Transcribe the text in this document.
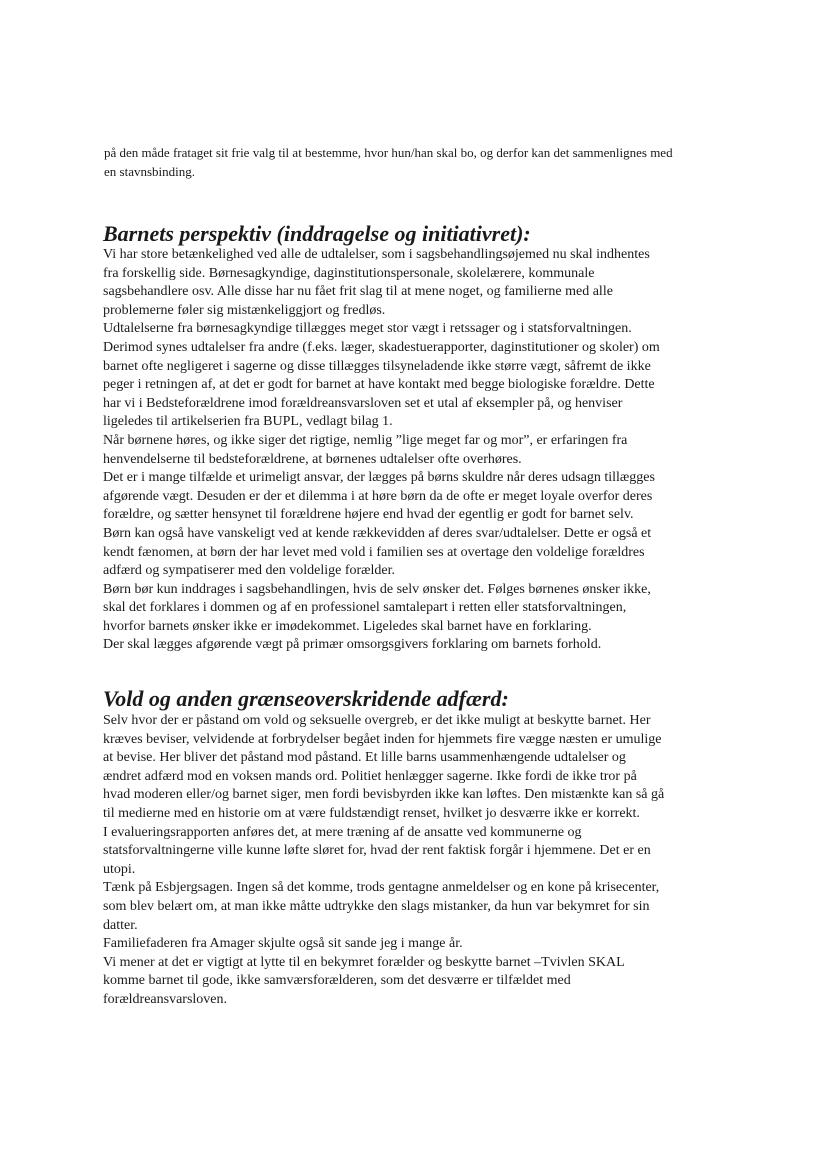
på den måde frataget sit frie valg til at bestemme, hvor hun/han skal bo, og derfor kan det sammenlignes med

en stavnsbinding.

Barnets perspektiv (inddragelse og initiativret):

Vi har store betænkelighed ved alle de udtalelser, som i sagsbehandlingsøjemed nu skal indhentes

fra forskellig side. Børnesagkyndige, daginstitutionspersonale, skolelærere, kommunale

sagsbehandlere osv. Alle disse har nu fået frit slag til at mene noget, og familierne med alle

problemerne føler sig mistænkeliggjort og fredløs.

Udtalelserne fra børnesagkyndige tillægges meget stor vægt i retssager og i statsforvaltningen.

Derimod synes udtalelser fra andre (f.eks. læger, skadestuerapporter, daginstitutioner og skoler) om

barnet ofte negligeret i sagerne og disse tillægges tilsyneladende ikke større vægt, såfremt de ikke

peger i retningen af, at det er godt for barnet at have kontakt med begge biologiske forældre. Dette

har vi i Bedsteforældrene imod forældreansvarsloven set et utal af eksempler på, og henviser

ligeledes til artikelserien fra BUPL, vedlagt bilag 1.

Når børnene høres, og ikke siger det rigtige, nemlig ”lige meget far og mor”, er erfaringen fra

henvendelserne til bedsteforældrene, at børnenes udtalelser ofte overhøres.

Det er i mange tilfælde et urimeligt ansvar, der lægges på børns skuldre når deres udsagn tillægges

afgørende vægt. Desuden er der et dilemma i at høre børn da de ofte er meget loyale overfor deres

forældre, og sætter hensynet til forældrene højere end hvad der egentlig er godt for barnet selv.

Børn kan også have vanskeligt ved at kende rækkevidden af deres svar/udtalelser. Dette er også et

kendt fænomen, at børn der har levet med vold i familien ses at overtage den voldelige forældres

adfærd og sympatiserer med den voldelige forælder.

Børn bør kun inddrages i sagsbehandlingen, hvis de selv ønsker det. Følges børnenes ønsker ikke,

skal det forklares i dommen og af en professionel samtalepart i retten eller statsforvaltningen,

hvorfor barnets ønsker ikke er imødekommet. Ligeledes skal barnet have en forklaring.

Der skal lægges afgørende vægt på primær omsorgsgivers forklaring om barnets forhold.

Vold og anden grænseoverskridende adfærd:

Selv hvor der er påstand om vold og seksuelle overgreb, er det ikke muligt at beskytte barnet. Her

kræves beviser, velvidende at forbrydelser begået inden for hjemmets fire vægge næsten er umulige

at bevise. Her bliver det påstand mod påstand. Et lille barns usammenhængende udtalelser og

ændret adfærd mod en voksen mands ord. Politiet henlægger sagerne. Ikke fordi de ikke tror på

hvad moderen eller/og barnet siger, men fordi bevisbyrden ikke kan løftes. Den mistænkte kan så gå

til medierne med en historie om at være fuldstændigt renset, hvilket jo desværre ikke er korrekt.

I evalueringsrapporten anføres det, at mere træning af de ansatte ved kommunerne og

statsforvaltningerne ville kunne løfte sløret for, hvad der rent faktisk forgår i hjemmene. Det er en

utopi.

Tænk på Esbjergsagen. Ingen så det komme, trods gentagne anmeldelser og en kone på krisecenter,

som blev belært om, at man ikke måtte udtrykke den slags mistanker, da hun var bekymret for sin

datter.

Familiefaderen fra Amager skjulte også sit sande jeg i mange år.

Vi mener at det er vigtigt at lytte til en bekymret forælder og beskytte barnet –Tvivlen SKAL

komme barnet til gode, ikke samværsforælderen, som det desværre er tilfældet med

forældreansvarsloven.
